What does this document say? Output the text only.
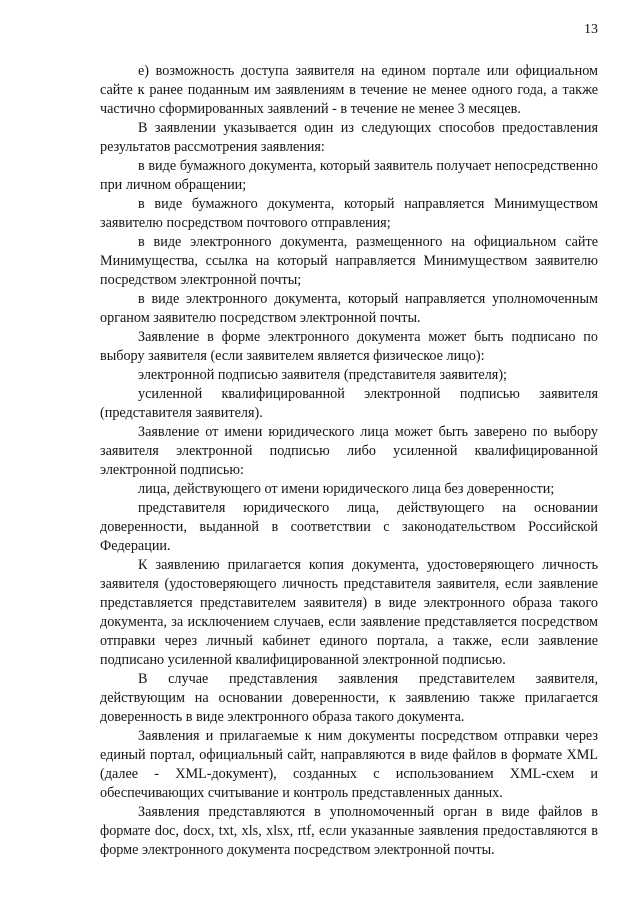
13

е) возможность доступа заявителя на едином портале или официальном сайте к ранее поданным им заявлениям в течение не менее одного года, а также частично сформированных заявлений - в течение не менее 3 месяцев.

В заявлении указывается один из следующих способов предоставления результатов рассмотрения заявления:

в виде бумажного документа, который заявитель получает непосредственно при личном обращении;

в виде бумажного документа, который направляется Минимуществом заявителю посредством почтового отправления;

в виде электронного документа, размещенного на официальном сайте Минимущества, ссылка на который направляется Минимуществом заявителю посредством электронной почты;

в виде электронного документа, который направляется уполномоченным органом заявителю посредством электронной почты.

Заявление в форме электронного документа может быть подписано по выбору заявителя (если заявителем является физическое лицо):

электронной подписью заявителя (представителя заявителя);

усиленной квалифицированной электронной подписью заявителя (представителя заявителя).

Заявление от имени юридического лица может быть заверено по выбору заявителя электронной подписью либо усиленной квалифицированной электронной подписью:

лица, действующего от имени юридического лица без доверенности;

представителя юридического лица, действующего на основании доверенности, выданной в соответствии с законодательством Российской Федерации.

К заявлению прилагается копия документа, удостоверяющего личность заявителя (удостоверяющего личность представителя заявителя, если заявление представляется представителем заявителя) в виде электронного образа такого документа, за исключением случаев, если заявление представляется посредством отправки через личный кабинет единого портала, а также, если заявление подписано усиленной квалифицированной электронной подписью.

В случае представления заявления представителем заявителя, действующим на основании доверенности, к заявлению также прилагается доверенность в виде электронного образа такого документа.

Заявления и прилагаемые к ним документы посредством отправки через единый портал, официальный сайт, направляются в виде файлов в формате XML (далее - XML-документ), созданных с использованием XML-схем и обеспечивающих считывание и контроль представленных данных.

Заявления представляются в уполномоченный орган в виде файлов в формате doc, docx, txt, xls, xlsx, rtf, если указанные заявления предоставляются в форме электронного документа посредством электронной почты.
